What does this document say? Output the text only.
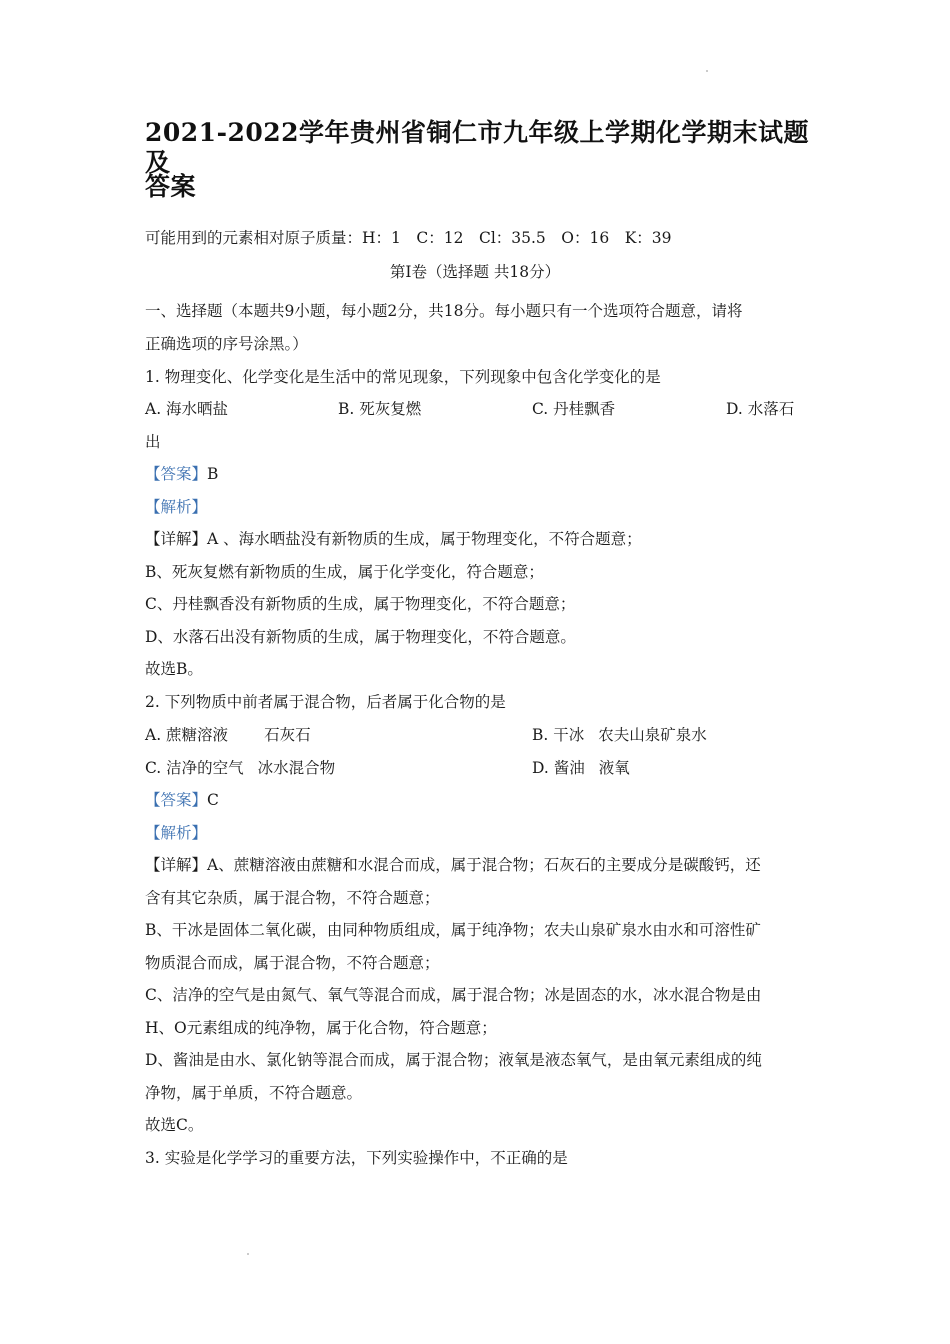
2021-2022学年贵州省铜仁市九年级上学期化学期末试题及
答案
可能用到的元素相对原子质量：H：1　C：12　Cl：35.5　O：16　K：39
第Ⅰ卷（选择题 共18分）
一、选择题（本题共9小题，每小题2分，共18分。每小题只有一个选项符合题意，请将
正确选项的序号涂黑。）
1. 物理变化、化学变化是生活中的常见现象，下列现象中包含化学变化的是
A. 海水晒盐	B. 死灰复燃	C. 丹桂飘香	D. 水落石
出
【答案】B
【解析】
【详解】A 、海水晒盐没有新物质的生成，属于物理变化，不符合题意；
B、死灰复燃有新物质的生成，属于化学变化，符合题意；
C、丹桂飘香没有新物质的生成，属于物理变化，不符合题意；
D、水落石出没有新物质的生成，属于物理变化，不符合题意。
故选B。
2. 下列物质中前者属于混合物，后者属于化合物的是
A. 蔗糖溶液 石灰石	B. 干冰 农夫山泉矿泉水
C. 洁净的空气 冰水混合物	D. 酱油 液氧
【答案】C
【解析】
【详解】A、蔗糖溶液由蔗糖和水混合而成，属于混合物；石灰石的主要成分是碳酸钙，还
含有其它杂质，属于混合物，不符合题意；
B、干冰是固体二氧化碳，由同种物质组成，属于纯净物；农夫山泉矿泉水由水和可溶性矿
物质混合而成，属于混合物，不符合题意；
C、洁净的空气是由氮气、氧气等混合而成，属于混合物；冰是固态的水，冰水混合物是由
H、O元素组成的纯净物，属于化合物，符合题意；
D、酱油是由水、氯化钠等混合而成，属于混合物；液氧是液态氧气，是由氧元素组成的纯
净物，属于单质，不符合题意。
故选C。
3. 实验是化学学习的重要方法，下列实验操作中，不正确的是
